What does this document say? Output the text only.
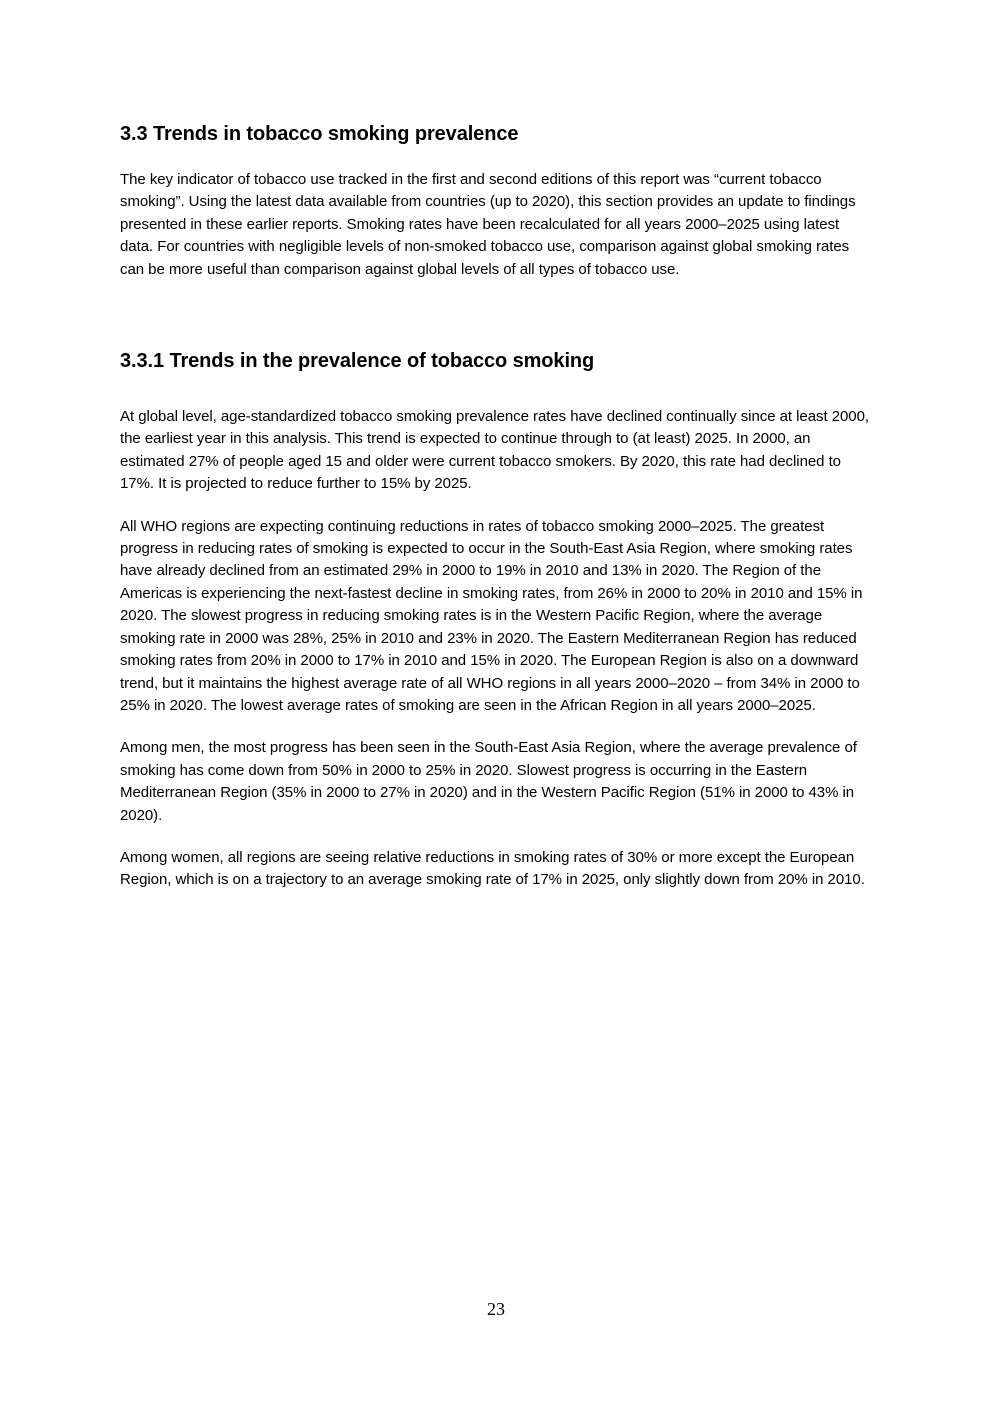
3.3 Trends in tobacco smoking prevalence

The key indicator of tobacco use tracked in the first and second editions of this report was “current tobacco smoking”. Using the latest data available from countries (up to 2020), this section provides an update to findings presented in these earlier reports. Smoking rates have been recalculated for all years 2000–2025 using latest data. For countries with negligible levels of non-smoked tobacco use, comparison against global smoking rates can be more useful than comparison against global levels of all types of tobacco use.

3.3.1 Trends in the prevalence of tobacco smoking

At global level, age-standardized tobacco smoking prevalence rates have declined continually since at least 2000, the earliest year in this analysis. This trend is expected to continue through to (at least) 2025. In 2000, an estimated 27% of people aged 15 and older were current tobacco smokers. By 2020, this rate had declined to 17%. It is projected to reduce further to 15% by 2025.

All WHO regions are expecting continuing reductions in rates of tobacco smoking 2000–2025. The greatest progress in reducing rates of smoking is expected to occur in the South-East Asia Region, where smoking rates have already declined from an estimated 29% in 2000 to 19% in 2010 and 13% in 2020. The Region of the Americas is experiencing the next-fastest decline in smoking rates, from 26% in 2000 to 20% in 2010 and 15% in 2020. The slowest progress in reducing smoking rates is in the Western Pacific Region, where the average smoking rate in 2000 was 28%, 25% in 2010 and 23% in 2020. The Eastern Mediterranean Region has reduced smoking rates from 20% in 2000 to 17% in 2010 and 15% in 2020. The European Region is also on a downward trend, but it maintains the highest average rate of all WHO regions in all years 2000–2020 – from 34% in 2000 to 25% in 2020. The lowest average rates of smoking are seen in the African Region in all years 2000–2025.

Among men, the most progress has been seen in the South-East Asia Region, where the average prevalence of smoking has come down from 50% in 2000 to 25% in 2020. Slowest progress is occurring in the Eastern Mediterranean Region (35% in 2000 to 27% in 2020) and in the Western Pacific Region (51% in 2000 to 43% in 2020).

Among women, all regions are seeing relative reductions in smoking rates of 30% or more except the European Region, which is on a trajectory to an average smoking rate of 17% in 2025, only slightly down from 20% in 2010.

23
